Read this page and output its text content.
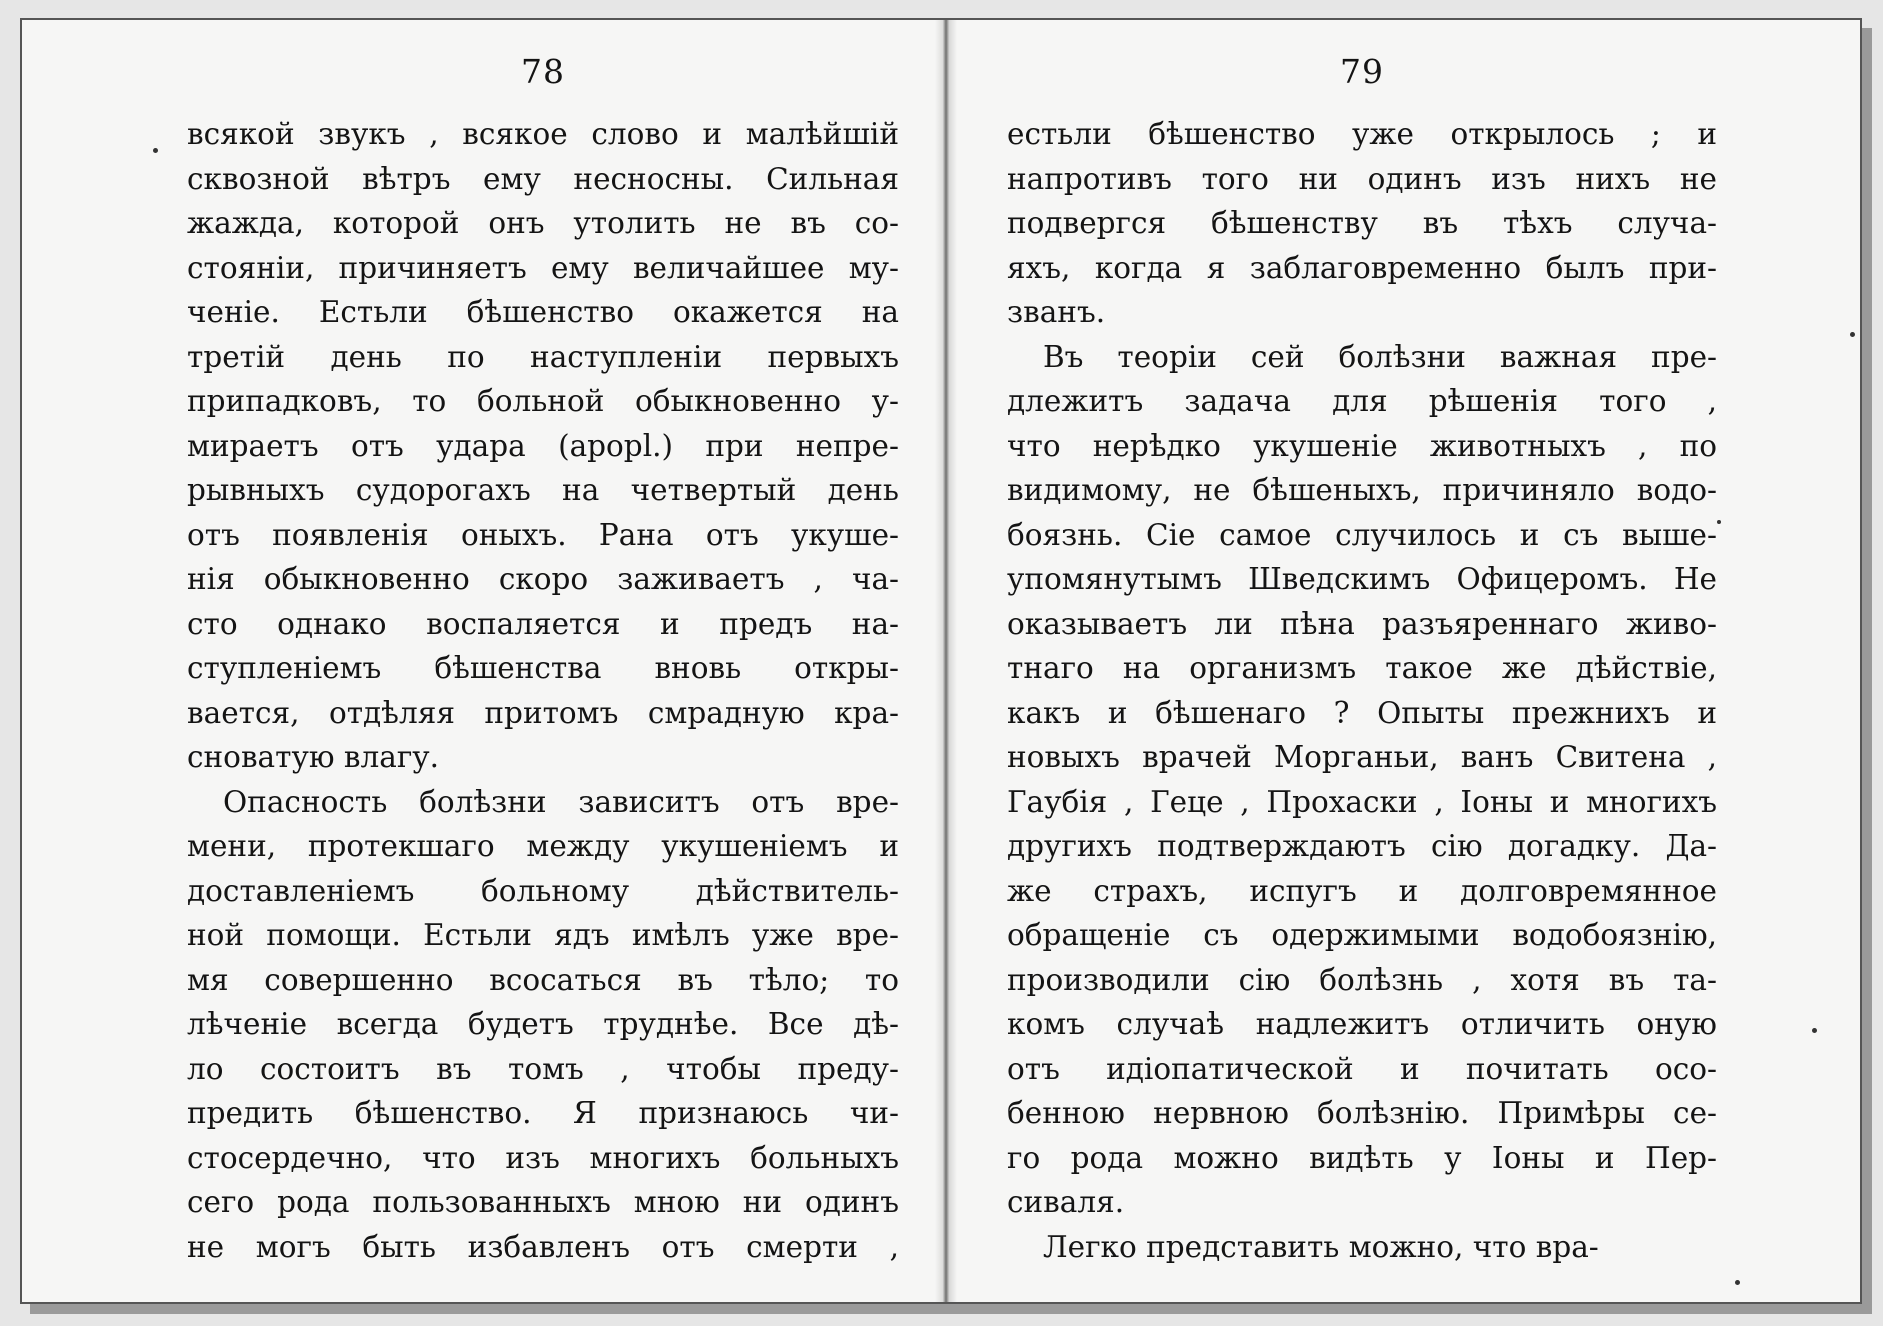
78
всякой звукъ , всякое слово и малѣйшій
сквозной вѣтръ ему несносны. Сильная
жажда, которой онъ утолить не въ со-
стояніи, причиняетъ ему величайшее му-
ченіе. Естьли бѣшенство окажется на
третій день по наступленіи первыхъ
припадковъ, то больной обыкновенно у-
мираетъ отъ удара (apopl.) при непре-
рывныхъ судорогахъ на четвертый день
отъ появленія оныхъ. Рана отъ укуше-
нія обыкновенно скоро заживаетъ , ча-
сто однако воспаляется и предъ на-
ступленіемъ бѣшенства вновь откры-
вается, отдѣляя притомъ смрадную кра-
сноватую влагу.
Опасность болѣзни зависитъ отъ вре-
мени, протекшаго между укушеніемъ и
доставленіемъ больному дѣйствитель-
ной помощи. Естьли ядъ имѣлъ уже вре-
мя совершенно всосаться въ тѣло; то
лѣченіе всегда будетъ труднѣе. Все дѣ-
ло состоитъ въ томъ , чтобы преду-
предить бѣшенство. Я признаюсь чи-
стосердечно, что изъ многихъ больныхъ
сего рода пользованныхъ мною ни одинъ
не могъ быть избавленъ отъ смерти ,
79
естьли бѣшенство уже открылось ; и
напротивъ того ни одинъ изъ нихъ не
подвергся бѣшенству въ тѣхъ случа-
яхъ, когда я заблаговременно былъ при-
званъ.
Въ теоріи сей болѣзни важная пре-
длежитъ задача для рѣшенія того ,
что нерѣдко укушеніе животныхъ , по
видимому, не бѣшеныхъ, причиняло водо-
боязнь. Сіе самое случилось и съ выше-
упомянутымъ Шведскимъ Офицеромъ. Не
оказываетъ ли пѣна разъяреннаго живо-
тнаго на организмъ такое же дѣйствіе,
какъ и бѣшенаго ? Опыты прежнихъ и
новыхъ врачей Морганьи, ванъ Свитена ,
Гаубія , Геце , Прохаски , Іоны и многихъ
другихъ подтверждаютъ сію догадку. Да-
же страхъ, испугъ и долговремянное
обращеніе съ одержимыми водобоязнію,
производили сію болѣзнь , хотя въ та-
комъ случаѣ надлежитъ отличить оную
отъ идіопатической и почитать осо-
бенною нервною болѣзнію. Примѣры се-
го рода можно видѣть у Іоны и Пер-
сиваля.
Легко представить можно, что вра-
